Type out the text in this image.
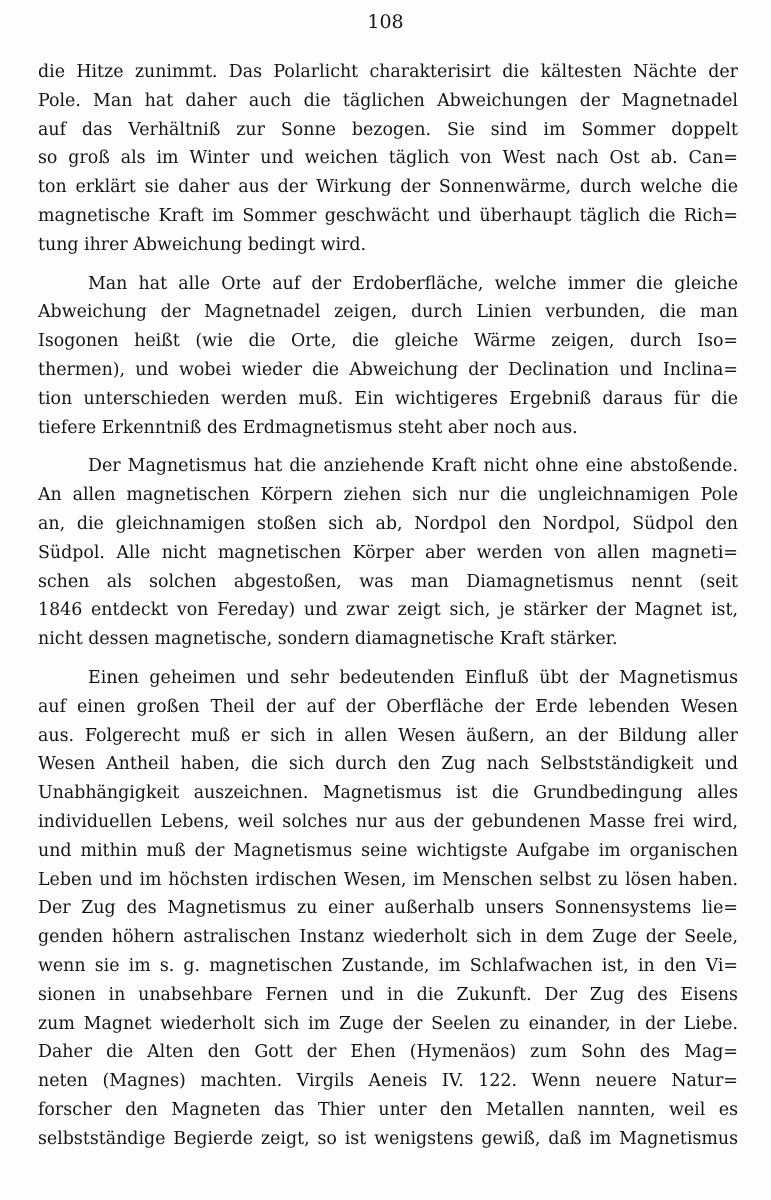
108

die Hitze zunimmt. Das Polarlicht charakterisirt die kältesten Nächte der
Pole. Man hat daher auch die täglichen Abweichungen der Magnetnadel
auf das Verhältniß zur Sonne bezogen. Sie sind im Sommer doppelt
so groß als im Winter und weichen täglich von West nach Ost ab. Can=
ton erklärt sie daher aus der Wirkung der Sonnenwärme, durch welche die
magnetische Kraft im Sommer geschwächt und überhaupt täglich die Rich=
tung ihrer Abweichung bedingt wird.

Man hat alle Orte auf der Erdoberfläche, welche immer die gleiche
Abweichung der Magnetnadel zeigen, durch Linien verbunden, die man
Isogonen heißt (wie die Orte, die gleiche Wärme zeigen, durch Iso=
thermen), und wobei wieder die Abweichung der Declination und Inclina=
tion unterschieden werden muß. Ein wichtigeres Ergebniß daraus für die
tiefere Erkenntniß des Erdmagnetismus steht aber noch aus.

Der Magnetismus hat die anziehende Kraft nicht ohne eine abstoßende.
An allen magnetischen Körpern ziehen sich nur die ungleichnamigen Pole
an, die gleichnamigen stoßen sich ab, Nordpol den Nordpol, Südpol den
Südpol. Alle nicht magnetischen Körper aber werden von allen magneti=
schen als solchen abgestoßen, was man Diamagnetismus nennt (seit
1846 entdeckt von Fereday) und zwar zeigt sich, je stärker der Magnet ist,
nicht dessen magnetische, sondern diamagnetische Kraft stärker.

Einen geheimen und sehr bedeutenden Einfluß übt der Magnetismus
auf einen großen Theil der auf der Oberfläche der Erde lebenden Wesen
aus. Folgerecht muß er sich in allen Wesen äußern, an der Bildung aller
Wesen Antheil haben, die sich durch den Zug nach Selbstständigkeit und
Unabhängigkeit auszeichnen. Magnetismus ist die Grundbedingung alles
individuellen Lebens, weil solches nur aus der gebundenen Masse frei wird,
und mithin muß der Magnetismus seine wichtigste Aufgabe im organischen
Leben und im höchsten irdischen Wesen, im Menschen selbst zu lösen haben.
Der Zug des Magnetismus zu einer außerhalb unsers Sonnensystems lie=
genden höhern astralischen Instanz wiederholt sich in dem Zuge der Seele,
wenn sie im s. g. magnetischen Zustande, im Schlafwachen ist, in den Vi=
sionen in unabsehbare Fernen und in die Zukunft. Der Zug des Eisens
zum Magnet wiederholt sich im Zuge der Seelen zu einander, in der Liebe.
Daher die Alten den Gott der Ehen (Hymenäos) zum Sohn des Mag=
neten (Magnes) machten. Virgils Aeneis IV. 122. Wenn neuere Natur=
forscher den Magneten das Thier unter den Metallen nannten, weil es
selbstständige Begierde zeigt, so ist wenigstens gewiß, daß im Magnetismus
